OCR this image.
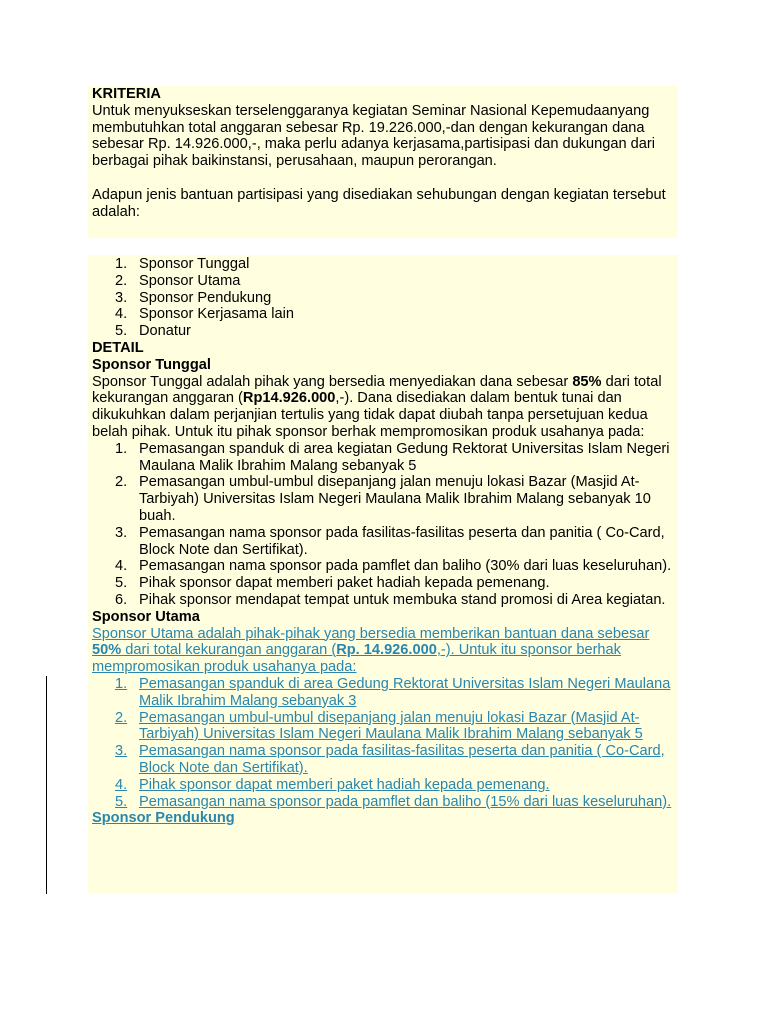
KRITERIA

Untuk menyukseskan terselenggaranya kegiatan Seminar Nasional Kepemudaanyang membutuhkan total anggaran sebesar Rp. 19.226.000,-dan dengan kekurangan dana sebesar Rp. 14.926.000,-, maka perlu adanya kerjasama,partisipasi dan dukungan dari berbagai pihak baikinstansi, perusahaan, maupun perorangan.

Adapun jenis bantuan partisipasi yang disediakan sehubungan dengan kegiatan tersebut adalah:

1. Sponsor Tunggal
2. Sponsor Utama
3. Sponsor Pendukung
4. Sponsor Kerjasama lain
5. Donatur

DETAIL

Sponsor Tunggal

Sponsor Tunggal adalah pihak yang bersedia menyediakan dana sebesar 85% dari total kekurangan anggaran (Rp14.926.000,-). Dana disediakan dalam bentuk tunai dan dikukuhkan dalam perjanjian tertulis yang tidak dapat diubah tanpa persetujuan kedua belah pihak. Untuk itu pihak sponsor berhak mempromosikan produk usahanya pada:

1. Pemasangan spanduk di area kegiatan Gedung Rektorat Universitas Islam Negeri Maulana Malik Ibrahim Malang sebanyak 5
2. Pemasangan umbul-umbul disepanjang jalan menuju lokasi Bazar (Masjid At-Tarbiyah) Universitas Islam Negeri Maulana Malik Ibrahim Malang sebanyak 10 buah.
3. Pemasangan nama sponsor pada fasilitas-fasilitas peserta dan panitia ( Co-Card, Block Note dan Sertifikat).
4. Pemasangan nama sponsor pada pamflet dan baliho (30% dari luas keseluruhan).
5. Pihak sponsor dapat memberi paket hadiah kepada pemenang.
6. Pihak sponsor mendapat tempat untuk membuka stand promosi di Area kegiatan.

Sponsor Utama

Sponsor Utama adalah pihak-pihak yang bersedia memberikan bantuan dana sebesar 50% dari total kekurangan anggaran (Rp. 14.926.000,-). Untuk itu sponsor berhak mempromosikan produk usahanya pada:

1. Pemasangan spanduk di area Gedung Rektorat Universitas Islam Negeri Maulana Malik Ibrahim Malang sebanyak 3
2. Pemasangan umbul-umbul disepanjang jalan menuju lokasi Bazar (Masjid At-Tarbiyah) Universitas Islam Negeri Maulana Malik Ibrahim Malang sebanyak 5
3. Pemasangan nama sponsor pada fasilitas-fasilitas peserta dan panitia ( Co-Card, Block Note dan Sertifikat).
4. Pihak sponsor dapat memberi paket hadiah kepada pemenang.
5. Pemasangan nama sponsor pada pamflet dan baliho (15% dari luas keseluruhan).

Sponsor Pendukung
